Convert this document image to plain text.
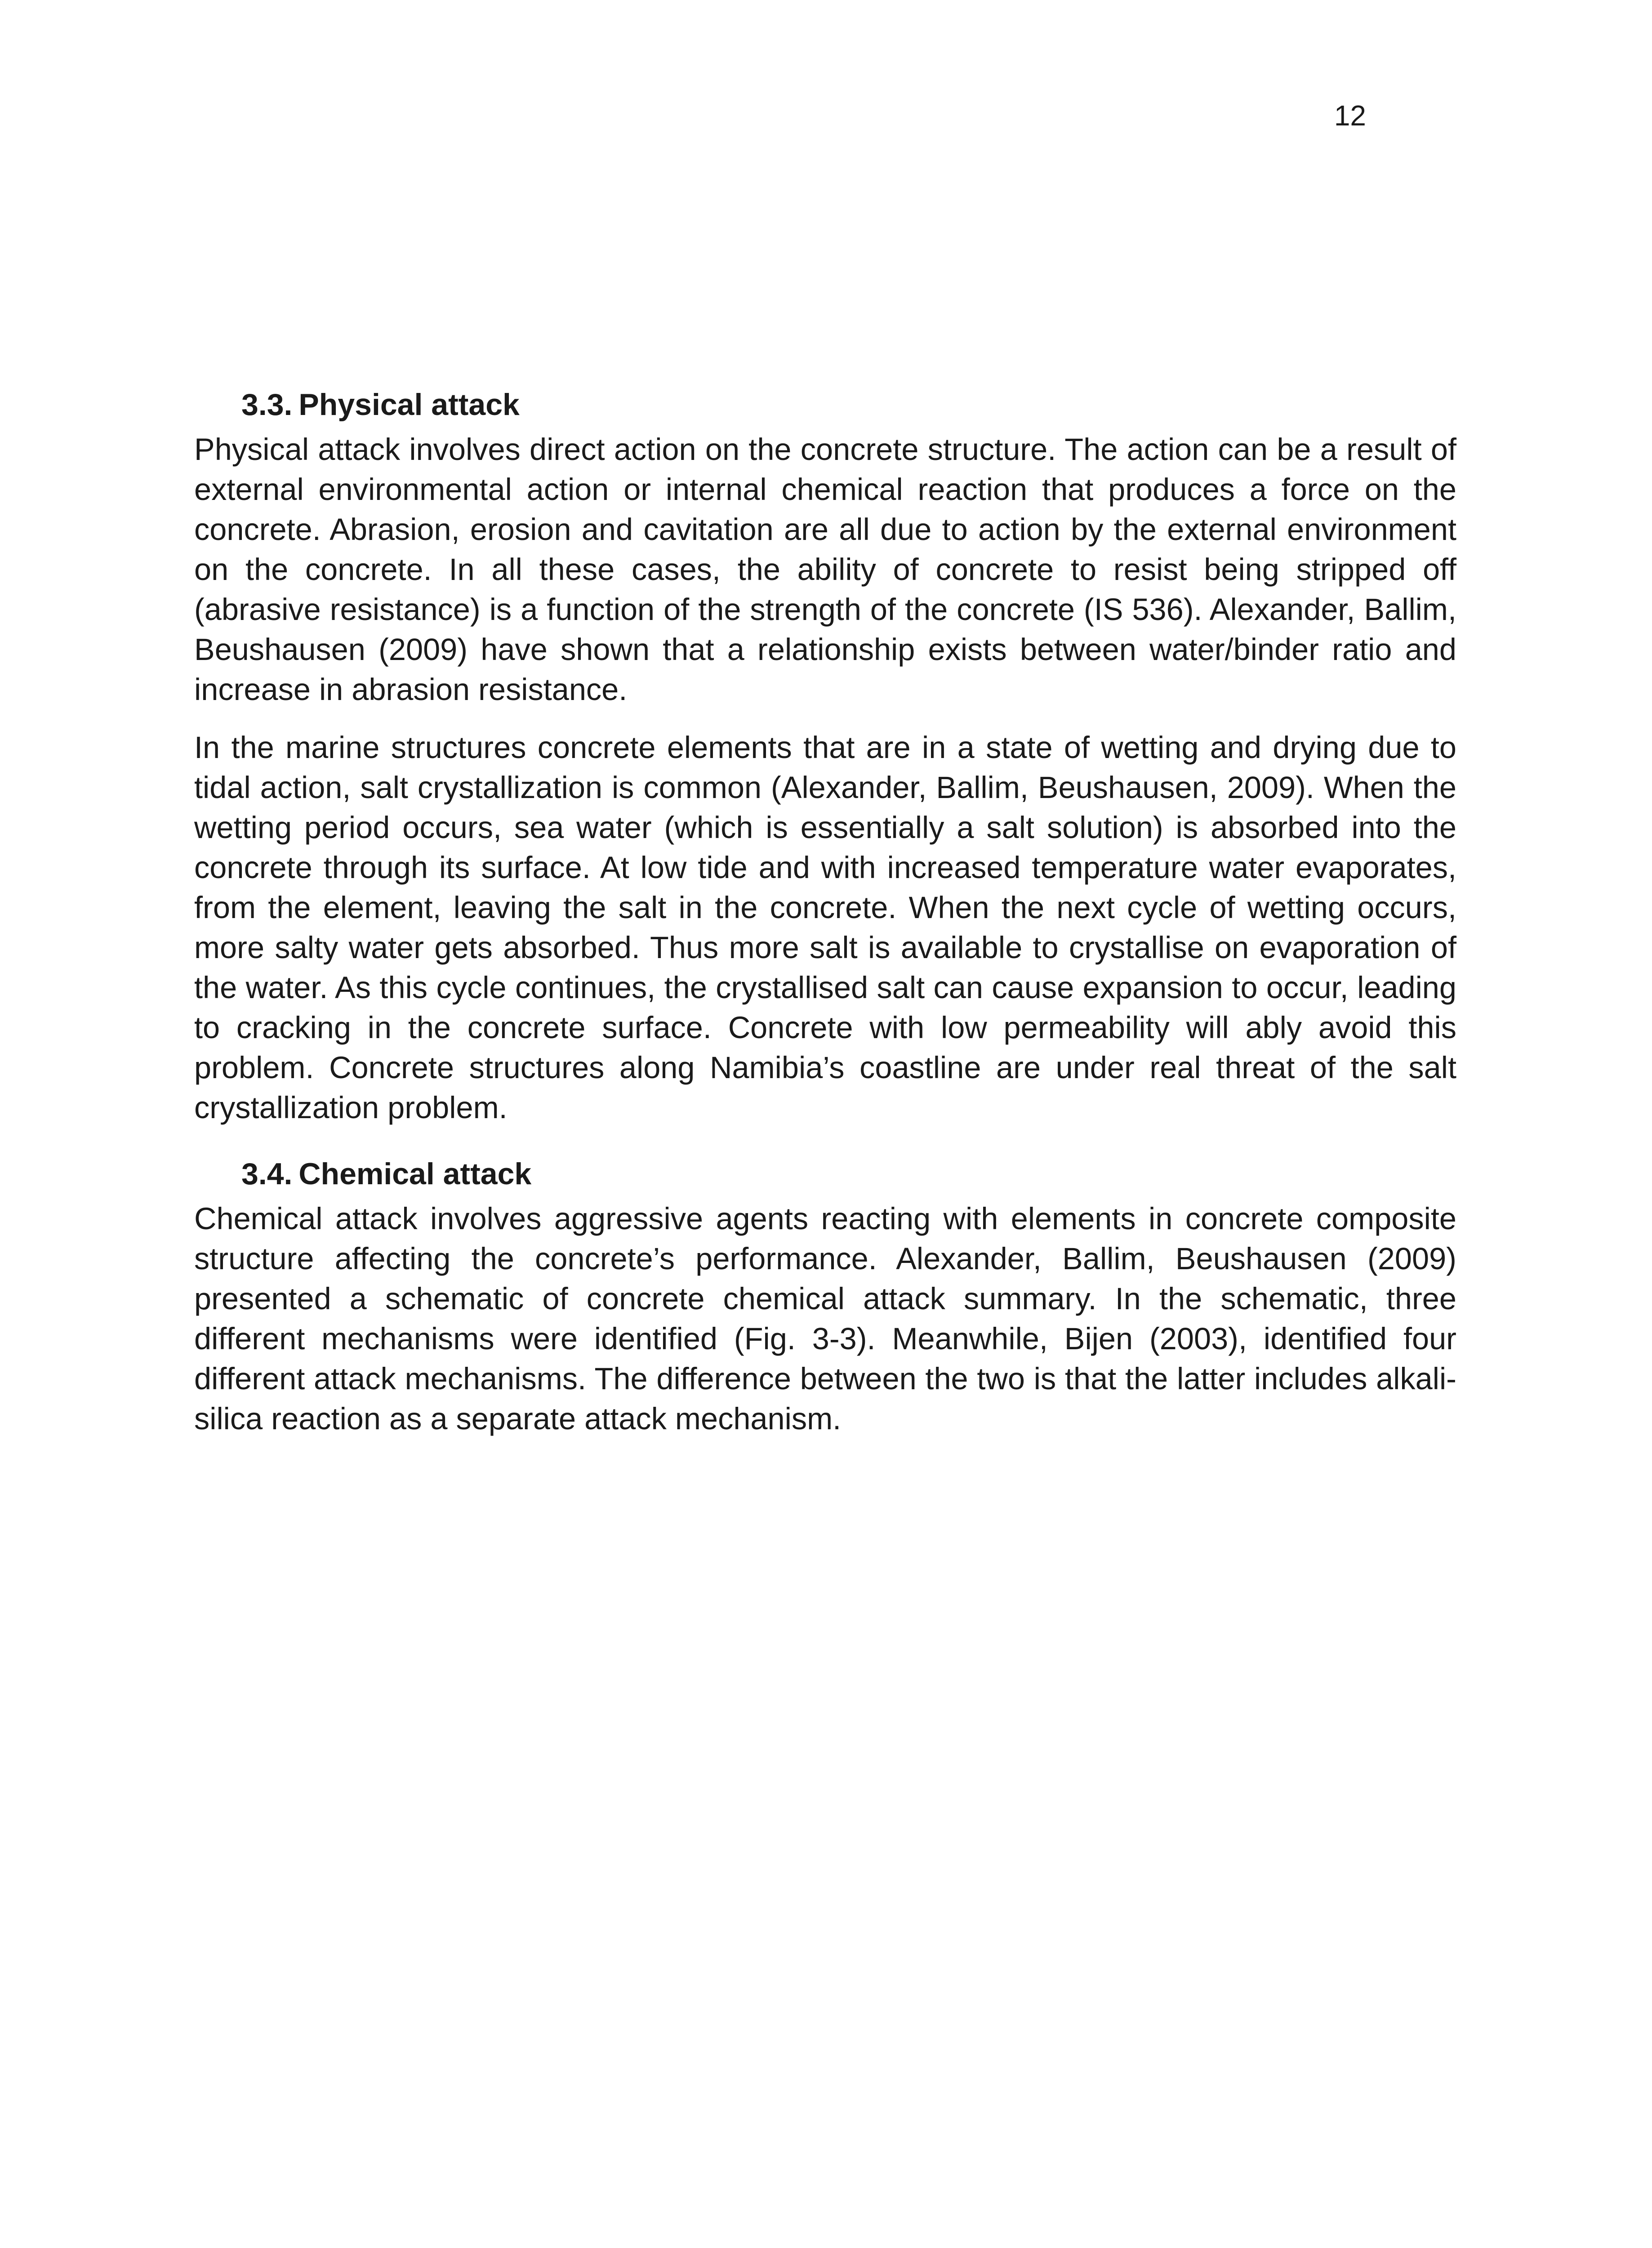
12
3.3. Physical attack

Physical attack involves direct action on the concrete structure. The action can be a result of external environmental action or internal chemical reaction that produces a force on the concrete. Abrasion, erosion and cavitation are all due to action by the external environment on the concrete. In all these cases, the ability of concrete to resist being stripped off (abrasive resistance) is a function of the strength of the concrete (IS 536). Alexander, Ballim, Beushausen (2009) have shown that a relationship exists between water/binder ratio and increase in abrasion resistance.

In the marine structures concrete elements that are in a state of wetting and drying due to tidal action, salt crystallization is common (Alexander, Ballim, Beushausen, 2009). When the wetting period occurs, sea water (which is essentially a salt solution) is absorbed into the concrete through its surface. At low tide and with increased temperature water evaporates, from the element, leaving the salt in the concrete. When the next cycle of wetting occurs, more salty water gets absorbed. Thus more salt is available to crystallise on evaporation of the water. As this cycle continues, the crystallised salt can cause expansion to occur, leading to cracking in the concrete surface. Concrete with low permeability will ably avoid this problem. Concrete structures along Namibia’s coastline are under real threat of the salt crystallization problem.

3.4. Chemical attack

Chemical attack involves aggressive agents reacting with elements in concrete composite structure affecting the concrete’s performance. Alexander, Ballim, Beushausen (2009) presented a schematic of concrete chemical attack summary. In the schematic, three different mechanisms were identified (Fig. 3-3). Meanwhile, Bijen (2003), identified four different attack mechanisms. The difference between the two is that the latter includes alkali-silica reaction as a separate attack mechanism.
